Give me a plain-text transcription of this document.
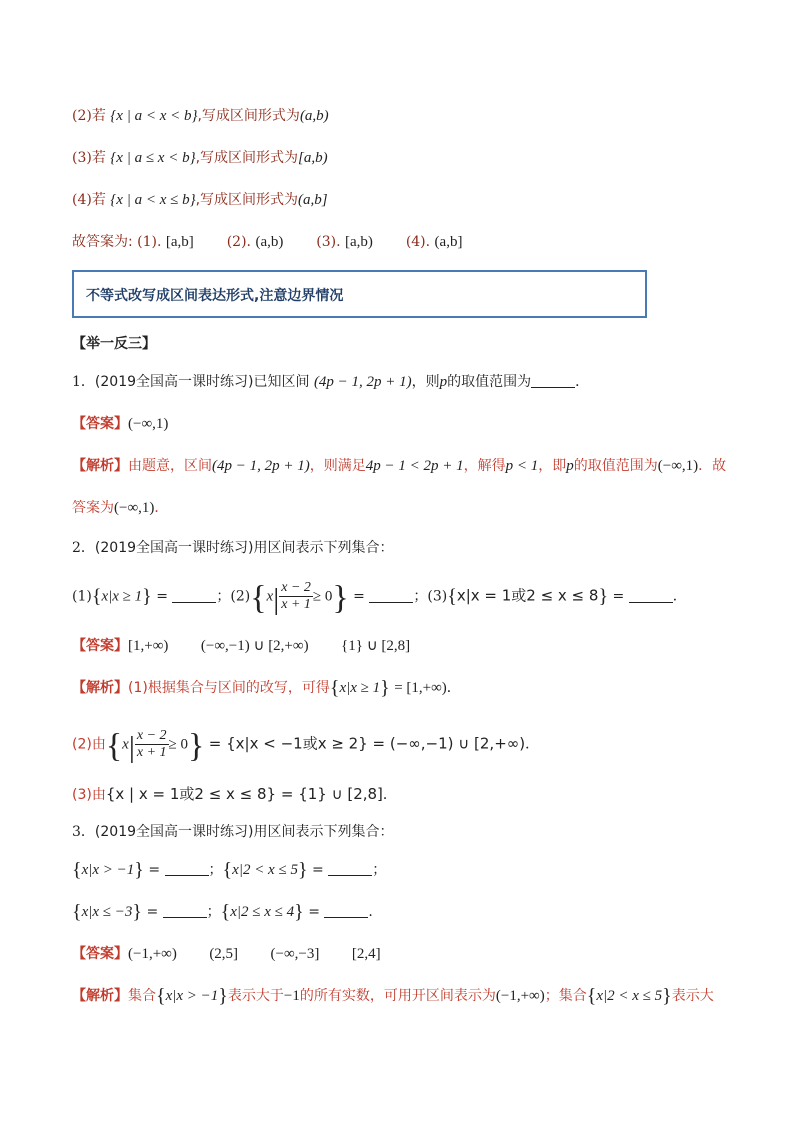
(2)若 {x | a < x < b},写成区间形式为(a,b)
(3)若 {x | a ≤ x < b},写成区间形式为[a,b)
(4)若 {x | a < x ≤ b},写成区间形式为(a,b]
故答案为: (1). [a,b] (2). (a,b) (3). [a,b) (4). (a,b]
不等式改写成区间表达形式,注意边界情况
【举一反三】
1．(2019全国高一课时练习)已知区间 (4p − 1, 2p + 1)，则p的取值范围为	．
【答案】(−∞,1)
【解析】由题意，区间(4p − 1, 2p + 1)，则满足4p − 1 < 2p + 1，解得p < 1，即p的取值范围为(−∞,1)．故
答案为(−∞,1)．
2．(2019全国高一课时练习)用区间表示下列集合：
(1){x|x ≥ 1} =	；$(2)\{x| \frac{x - 2}{x + 1} \ge 0\}$ =	；(3){x|x = 1或2 ≤ x ≤ 8} =	．
【答案】[1,+∞) (−∞,−1) ∪ [2,+∞) {1} ∪ [2,8]
【解析】(1)根据集合与区间的改写，可得{x|x ≥ 1} = [1,+∞)．
(2)由$\{x| \frac{x - 2}{x + 1} \ge 0\} = \{x|x < -1$或x ≥ 2} = (−∞,−1) ∪ [2,+∞)．
(3)由{x | x = 1或2 ≤ x ≤ 8} = {1} ∪ [2,8]．
3．(2019全国高一课时练习)用区间表示下列集合：
{x|x > −1} =	；{x|2 < x ≤ 5} =	；
{x|x ≤ −3} =	；{x|2 ≤ x ≤ 4} =	.
【答案】(−1,+∞) (2,5] (−∞,−3] [2,4]
【解析】集合{x|x > −1}表示大于−1的所有实数，可用开区间表示为(−1,+∞)；集合{x|2 < x ≤ 5}表示大
